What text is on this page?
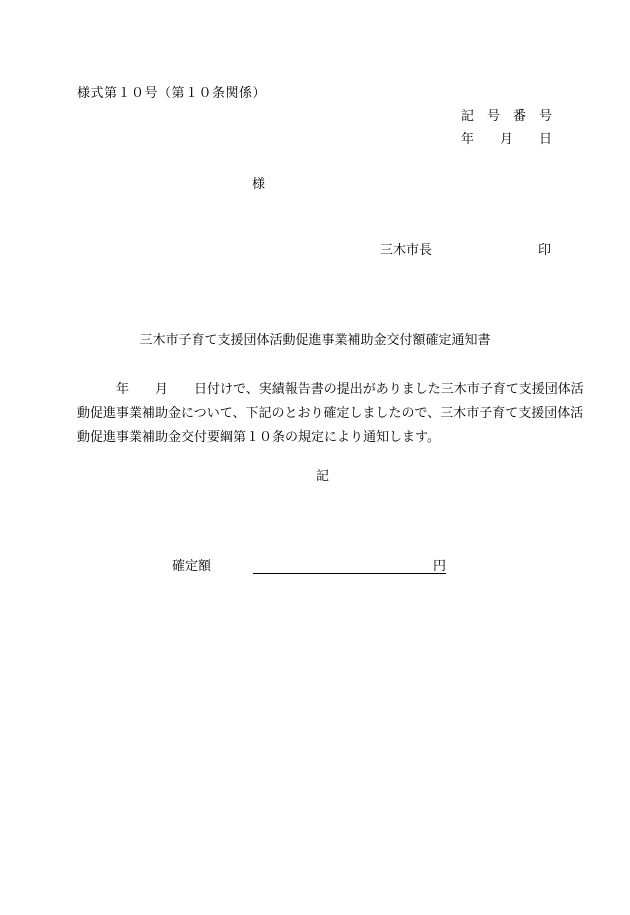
様式第１０号（第１０条関係）
記　号　番　号
年　　月　　日
様
三木市長	印
三木市子育て支援団体活動促進事業補助金交付額確定通知書
　　　年　　月　　日付けで、実績報告書の提出がありました三木市子育て支援団体活動促進事業補助金について、下記のとおり確定しましたので、三木市子育て支援団体活動促進事業補助金交付要綱第１０条の規定により通知します。
記
確定額	円
